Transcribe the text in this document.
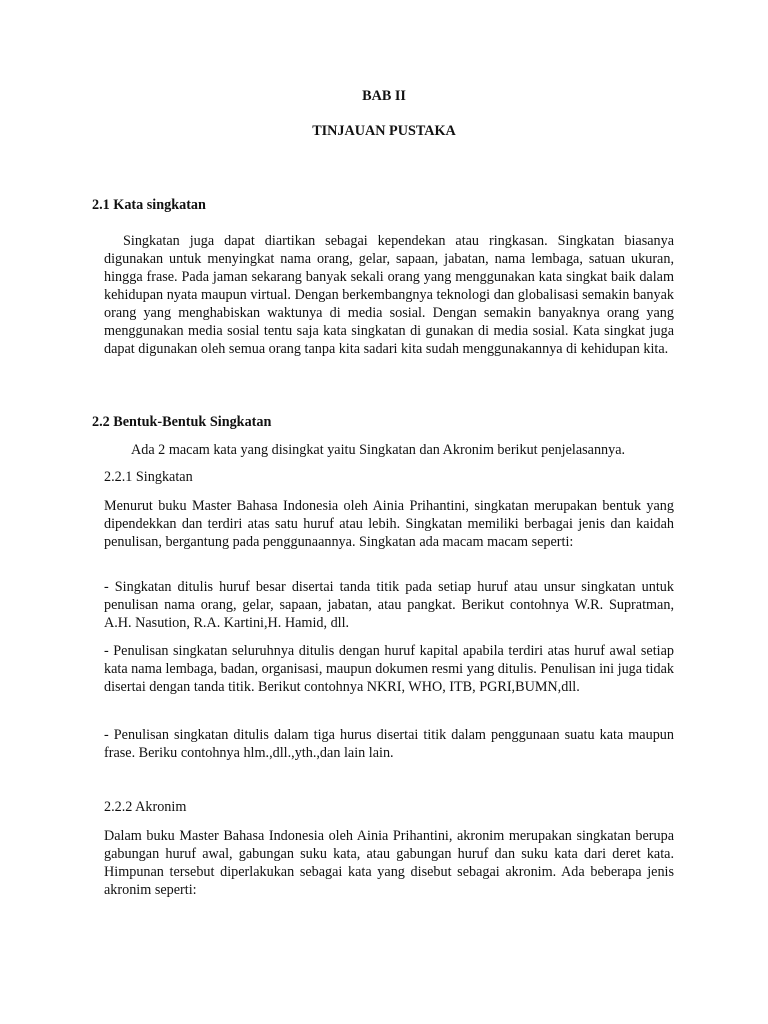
BAB II
TINJAUAN PUSTAKA
2.1 Kata singkatan

Singkatan juga dapat diartikan sebagai kependekan atau ringkasan. Singkatan biasanya digunakan untuk menyingkat nama orang, gelar, sapaan, jabatan, nama lembaga, satuan ukuran, hingga frase. Pada jaman sekarang banyak sekali orang yang menggunakan kata singkat baik dalam kehidupan nyata maupun virtual. Dengan berkembangnya teknologi dan globalisasi semakin banyak orang yang menghabiskan waktunya di media sosial. Dengan semakin banyaknya orang yang menggunakan media sosial tentu saja kata singkatan di gunakan di media sosial. Kata singkat juga dapat digunakan oleh semua orang tanpa kita sadari kita sudah menggunakannya di kehidupan kita.

2.2 Bentuk-Bentuk Singkatan
Ada 2 macam kata yang disingkat yaitu Singkatan dan Akronim berikut penjelasannya.
2.2.1 Singkatan

Menurut buku Master Bahasa Indonesia oleh Ainia Prihantini, singkatan merupakan bentuk yang dipendekkan dan terdiri atas satu huruf atau lebih. Singkatan memiliki berbagai jenis dan kaidah penulisan, bergantung pada penggunaannya. Singkatan ada macam macam seperti:

- Singkatan ditulis huruf besar disertai tanda titik pada setiap huruf atau unsur singkatan untuk penulisan nama orang, gelar, sapaan, jabatan, atau pangkat. Berikut contohnya W.R. Supratman, A.H. Nasution, R.A. Kartini,H. Hamid, dll.

- Penulisan singkatan seluruhnya ditulis dengan huruf kapital apabila terdiri atas huruf awal setiap kata nama lembaga, badan, organisasi, maupun dokumen resmi yang ditulis. Penulisan ini juga tidak disertai dengan tanda titik. Berikut contohnya NKRI, WHO, ITB, PGRI,BUMN,dll.

- Penulisan singkatan ditulis dalam tiga hurus disertai titik dalam penggunaan suatu kata maupun frase. Beriku contohnya hlm.,dll.,yth.,dan lain lain.

2.2.2 Akronim

Dalam buku Master Bahasa Indonesia oleh Ainia Prihantini, akronim merupakan singkatan berupa gabungan huruf awal, gabungan suku kata, atau gabungan huruf dan suku kata dari deret kata. Himpunan tersebut diperlakukan sebagai kata yang disebut sebagai akronim. Ada beberapa jenis akronim seperti:
